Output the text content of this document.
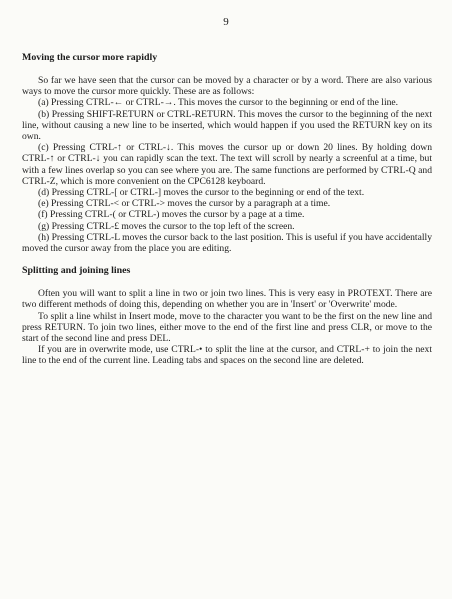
9
Moving the cursor more rapidly

So far we have seen that the cursor can be moved by a character or by a word. There are also various ways to move the cursor more quickly. These are as follows:

(a) Pressing CTRL-← or CTRL-→. This moves the cursor to the beginning or end of the line.

(b) Pressing SHIFT-RETURN or CTRL-RETURN. This moves the cursor to the beginning of the next line, without causing a new line to be inserted, which would happen if you used the RETURN key on its own.

(c) Pressing CTRL-↑ or CTRL-↓. This moves the cursor up or down 20 lines. By holding down CTRL-↑ or CTRL-↓ you can rapidly scan the text. The text will scroll by nearly a screenful at a time, but with a few lines overlap so you can see where you are. The same functions are performed by CTRL-Q and CTRL-Z, which is more convenient on the CPC6128 keyboard.

(d) Pressing CTRL-[ or CTRL-] moves the cursor to the beginning or end of the text.

(e) Pressing CTRL-< or CTRL-> moves the cursor by a paragraph at a time.

(f) Pressing CTRL-( or CTRL-) moves the cursor by a page at a time.

(g) Pressing CTRL-£ moves the cursor to the top left of the screen.

(h) Pressing CTRL-L moves the cursor back to the last position. This is useful if you have accidentally moved the cursor away from the place you are editing.

Splitting and joining lines

Often you will want to split a line in two or join two lines. This is very easy in PROTEXT. There are two different methods of doing this, depending on whether you are in 'Insert' or 'Overwrite' mode.

To split a line whilst in Insert mode, move to the character you want to be the first on the new line and press RETURN. To join two lines, either move to the end of the first line and press CLR, or move to the start of the second line and press DEL.

If you are in overwrite mode, use CTRL-• to split the line at the cursor, and CTRL-+ to join the next line to the end of the current line. Leading tabs and spaces on the second line are deleted.
